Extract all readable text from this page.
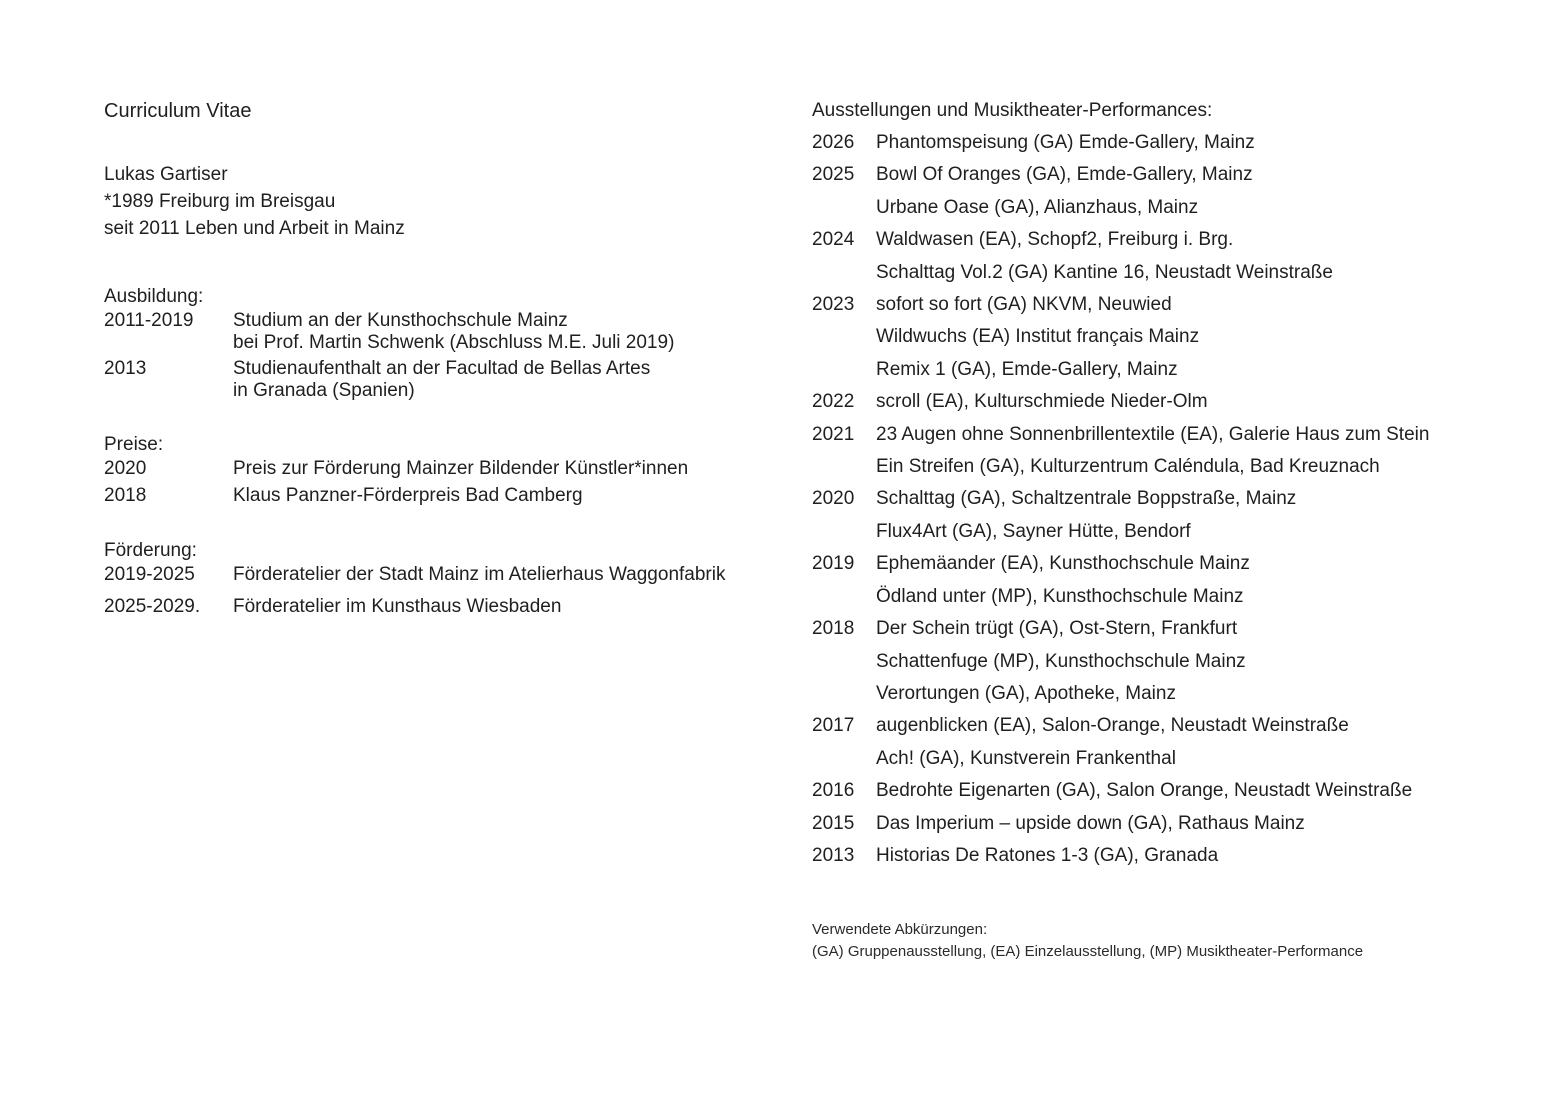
Curriculum Vitae
Lukas Gartiser
*1989 Freiburg im Breisgau
seit 2011 Leben und Arbeit in Mainz
Ausbildung:
2011-2019	Studium an der Kunsthochschule Mainz
bei Prof. Martin Schwenk (Abschluss M.E. Juli 2019)
2013	Studienaufenthalt an der Facultad de Bellas Artes
in Granada (Spanien)
Preise:
2020	Preis zur Förderung Mainzer Bildender Künstler*innen
2018	Klaus Panzner-Förderpreis Bad Camberg
Förderung:
2019-2025	Förderatelier der Stadt Mainz im Atelierhaus Waggonfabrik
2025-2029.	Förderatelier im Kunsthaus Wiesbaden
Ausstellungen und Musiktheater-Performances:
2026	Phantomspeisung (GA) Emde-Gallery, Mainz
2025	Bowl Of Oranges (GA), Emde-Gallery, Mainz
Urbane Oase (GA), Alianzhaus, Mainz
2024	Waldwasen (EA), Schopf2, Freiburg i. Brg.
Schalttag Vol.2 (GA) Kantine 16, Neustadt Weinstraße
2023	sofort so fort (GA) NKVM, Neuwied
Wildwuchs (EA) Institut français Mainz
Remix 1 (GA), Emde-Gallery, Mainz
2022	scroll (EA), Kulturschmiede Nieder-Olm
2021	23 Augen ohne Sonnenbrillentextile (EA), Galerie Haus zum Stein
Ein Streifen (GA), Kulturzentrum Caléndula, Bad Kreuznach
2020	Schalttag (GA), Schaltzentrale Boppstraße, Mainz
Flux4Art (GA), Sayner Hütte, Bendorf
2019	Ephemäander (EA), Kunsthochschule Mainz
Ödland unter (MP), Kunsthochschule Mainz
2018	Der Schein trügt (GA), Ost-Stern, Frankfurt
Schattenfuge (MP), Kunsthochschule Mainz
Verortungen (GA), Apotheke, Mainz
2017	augenblicken (EA), Salon-Orange, Neustadt Weinstraße
Ach! (GA), Kunstverein Frankenthal
2016	Bedrohte Eigenarten (GA), Salon Orange, Neustadt Weinstraße
2015	Das Imperium – upside down (GA), Rathaus Mainz
2013	Historias De Ratones 1-3 (GA), Granada
Verwendete Abkürzungen:
(GA) Gruppenausstellung, (EA) Einzelausstellung, (MP) Musiktheater-Performance
